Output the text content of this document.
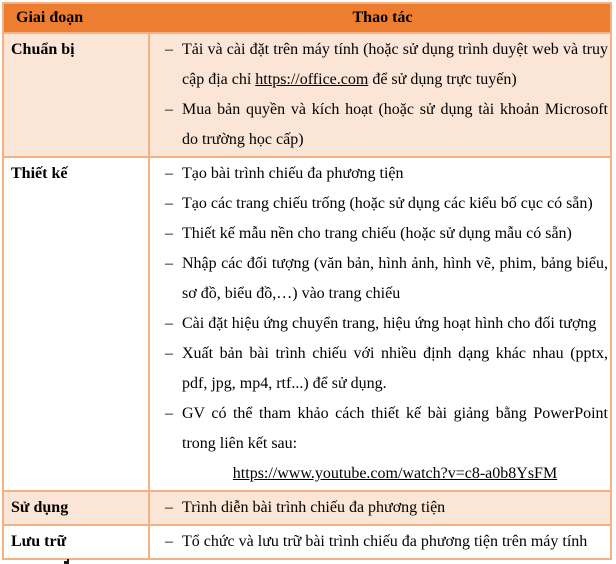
Giai đoạn	Thao tác
Chuẩn bị	– Tải và cài đặt trên máy tính (hoặc sử dụng trình duyệt web và truy cập địa chỉ https://office.com để sử dụng trực tuyến)
– Mua bản quyền và kích hoạt (hoặc sử dụng tài khoản Microsoft do trường học cấp)
Thiết kế	– Tạo bài trình chiếu đa phương tiện
– Tạo các trang chiếu trống (hoặc sử dụng các kiểu bố cục có sẵn)
– Thiết kế mẫu nền cho trang chiếu (hoặc sử dụng mẫu có sẵn)
– Nhập các đối tượng (văn bản, hình ảnh, hình vẽ, phim, bảng biểu, sơ đồ, biểu đồ,…) vào trang chiếu
– Cài đặt hiệu ứng chuyển trang, hiệu ứng hoạt hình cho đối tượng
– Xuất bản bài trình chiếu với nhiều định dạng khác nhau (pptx, pdf, jpg, mp4, rtf...) để sử dụng.
– GV có thể tham khảo cách thiết kế bài giảng bằng PowerPoint trong liên kết sau:
https://www.youtube.com/watch?v=c8-a0b8YsFM
Sử dụng	– Trình diễn bài trình chiếu đa phương tiện
Lưu trữ	– Tổ chức và lưu trữ bài trình chiếu đa phương tiện trên máy tính
